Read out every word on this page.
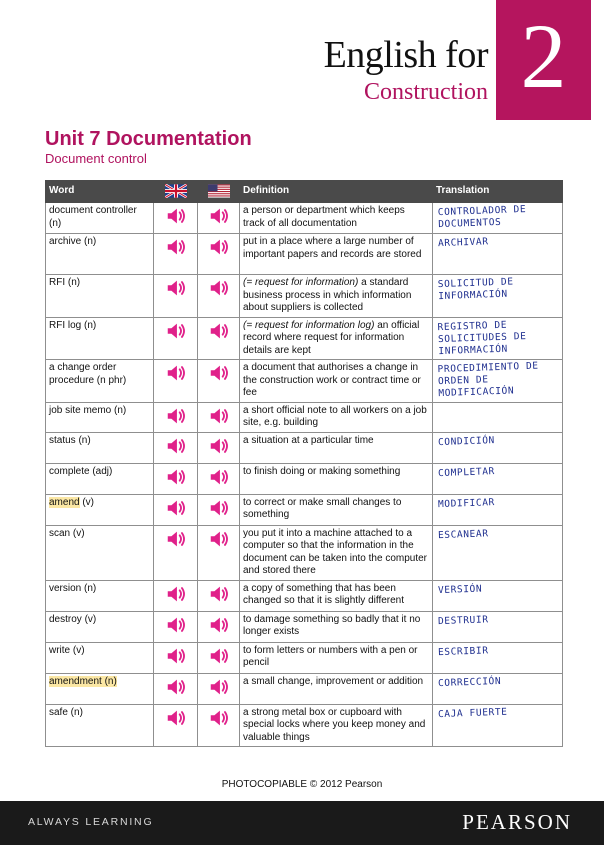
English for
Construction 2
Unit 7 Documentation
Document control
Word			Definition	Translation
document controller (n)			a person or department which keeps track of all documentation	CONTROLADOR DE DOCUMENTOS

archive (n)			put in a place where a large number of important papers and records are stored	ARCHIVAR

RFI (n)			(= request for information) a standard business process in which information about suppliers is collected	SOLICITUD DE INFORMACIÓN

RFI log (n)			(= request for information log) an official record where request for information details are kept	REGISTRO DE SOLICITUDES DE INFORMACIÓN

a change order procedure (n phr)			a document that authorises a change in the construction work or contract time or fee	PROCEDIMIENTO DE ORDEN DE MODIFICACIÓN

job site memo (n)			a short official note to all workers on a job site, e.g. building	

status (n)			a situation at a particular time	CONDICIÓN

complete (adj)			to finish doing or making something	COMPLETAR

amend (v)			to correct or make small changes to something	MODIFICAR

scan (v)			you put it into a machine attached to a computer so that the information in the document can be taken into the computer and stored there	ESCANEAR

version (n)			a copy of something that has been changed so that it is slightly different	VERSIÓN

destroy (v)			to damage something so badly that it no longer exists	DESTRUIR

write (v)			to form letters or numbers with a pen or pencil	ESCRIBIR

amendment (n)			a small change, improvement or addition	CORRECCIÓN

safe (n)			a strong metal box or cupboard with special locks where you keep money and valuable things	CAJA FUERTE
PHOTOCOPIABLE © 2012 Pearson
ALWAYS LEARNING	PEARSON
